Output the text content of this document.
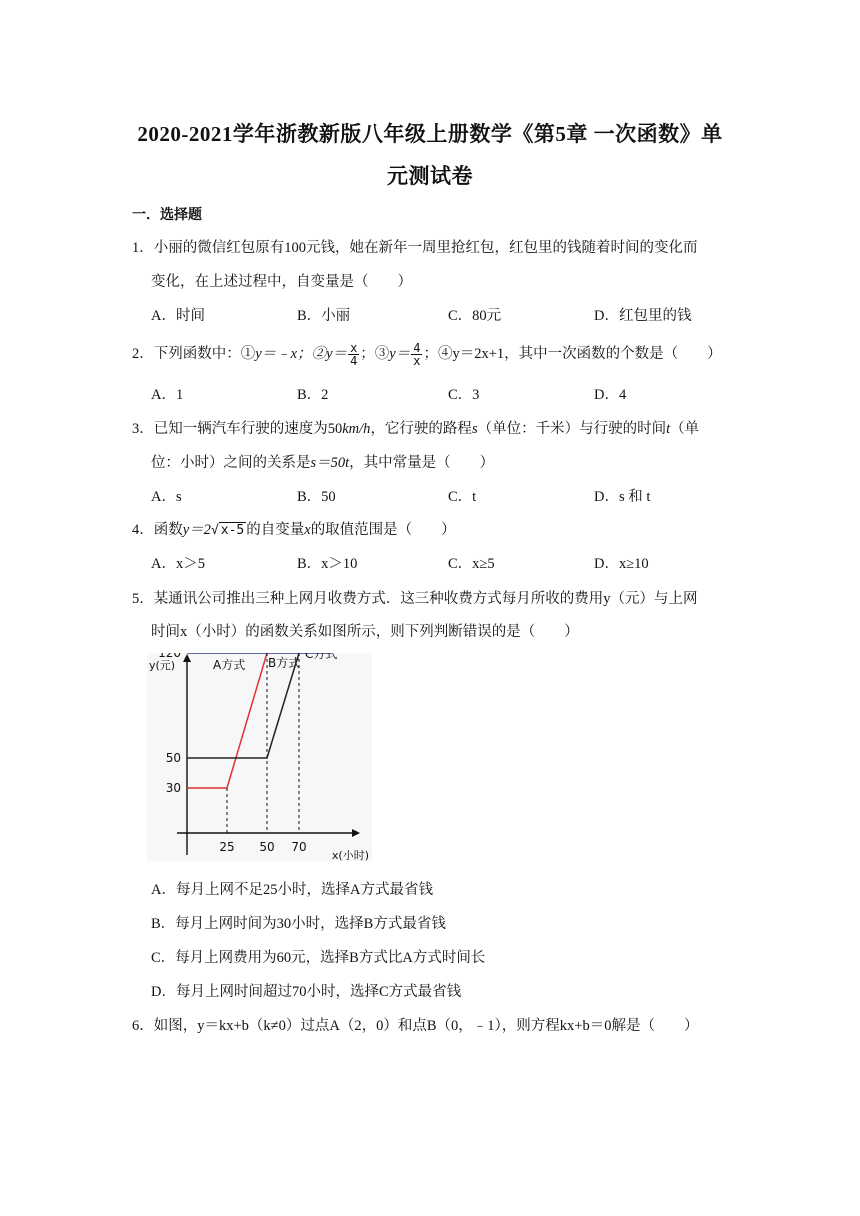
2020-2021学年浙教新版八年级上册数学《第5章 一次函数》单
元测试卷
一．选择题
1．小丽的微信红包原有100元钱，她在新年一周里抢红包，红包里的钱随着时间的变化而
变化，在上述过程中，自变量是（　　）
A．时间	B．小丽	C．80元	D．红包里的钱
2．下列函数中：①y＝﹣x；②y＝ $\frac{x}{4}$ ；③y＝ $\frac{4}{x}$ ；④y＝2x+1，其中一次函数的个数是（　　）
A．1	B．2	C．3	D．4
3．已知一辆汽车行驶的速度为50km/h，它行驶的路程s（单位：千米）与行驶的时间t（单
位：小时）之间的关系是s＝50t，其中常量是（　　）
A．s	B．50	C．t	D．s 和 t
4．函数y＝2√ x-5 的自变量x的取值范围是（　　）
A．x＞5	B．x＞10	C．x≥5	D．x≥10
5．某通讯公司推出三种上网月收费方式．这三种收费方式每月所收的费用y（元）与上网
时间x（小时）的函数关系如图所示，则下列判断错误的是（　　）
25 50 70
30
50
120
y(元)
x(小时)
A方式 B方式
C方式
A．每月上网不足25小时，选择A方式最省钱
B．每月上网时间为30小时，选择B方式最省钱
C．每月上网费用为60元，选择B方式比A方式时间长
D．每月上网时间超过70小时，选择C方式最省钱
6．如图，y＝kx+b（k≠0）过点A（2，0）和点B（0，﹣1），则方程kx+b＝0解是（　　）
